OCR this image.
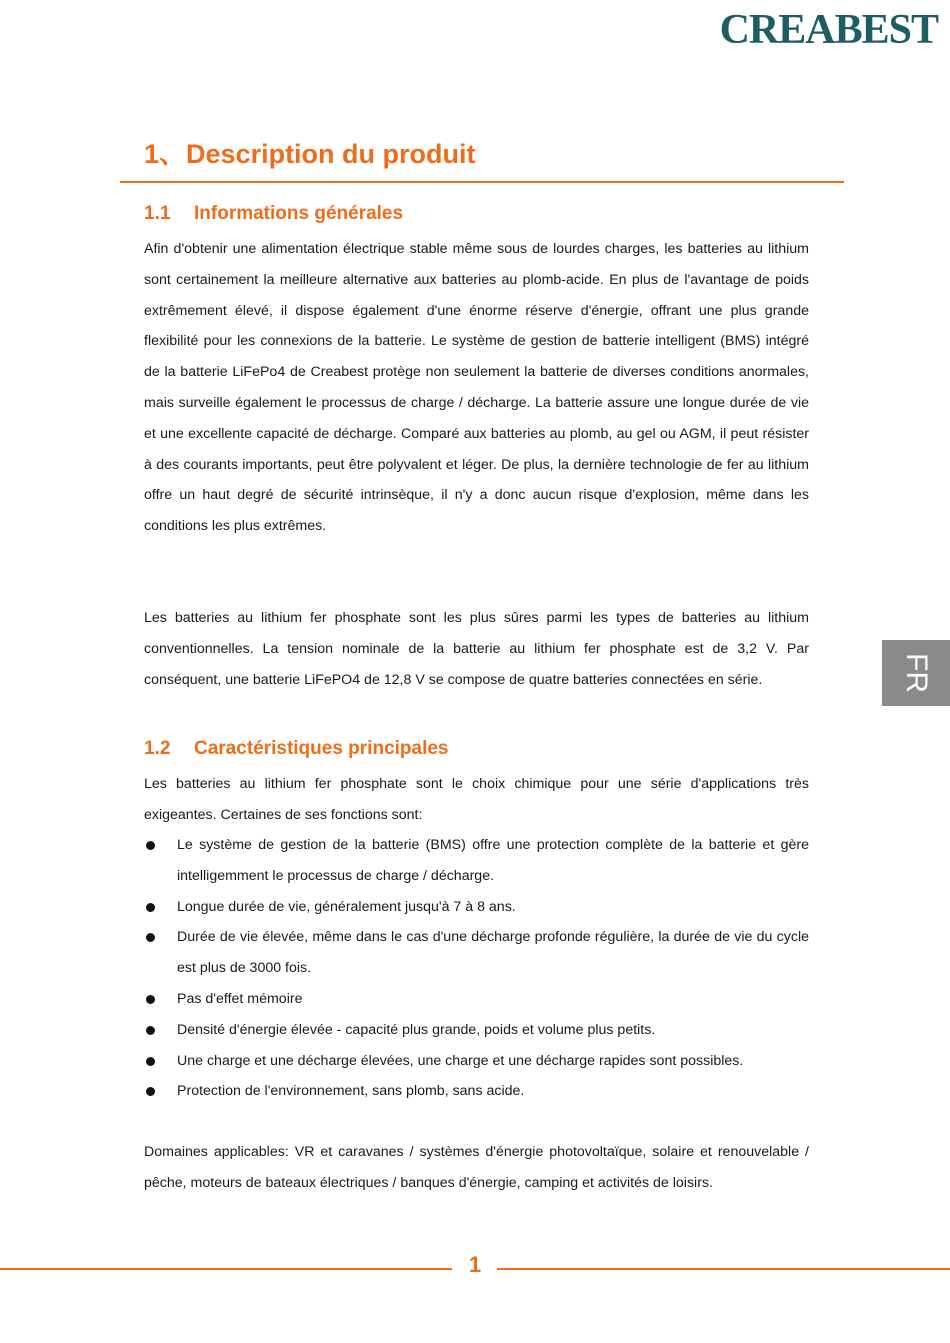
CREABEST
1、Description du produit
1.1 Informations générales

Afin d'obtenir une alimentation électrique stable même sous de lourdes charges, les batteries au lithium sont certainement la meilleure alternative aux batteries au plomb-acide. En plus de l'avantage de poids extrêmement élevé, il dispose également d'une énorme réserve d'énergie, offrant une plus grande flexibilité pour les connexions de la batterie. Le système de gestion de batterie intelligent (BMS) intégré de la batterie LiFePo4 de Creabest protège non seulement la batterie de diverses conditions anormales, mais surveille également le processus de charge / décharge. La batterie assure une longue durée de vie et une excellente capacité de décharge. Comparé aux batteries au plomb, au gel ou AGM, il peut résister à des courants importants, peut être polyvalent et léger. De plus, la dernière technologie de fer au lithium offre un haut degré de sécurité intrinsèque, il n'y a donc aucun risque d'explosion, même dans les conditions les plus extrêmes.

Les batteries au lithium fer phosphate sont les plus sûres parmi les types de batteries au lithium conventionnelles. La tension nominale de la batterie au lithium fer phosphate est de 3,2 V. Par conséquent, une batterie LiFePO4 de 12,8 V se compose de quatre batteries connectées en série.

1.2 Caractéristiques principales

Les batteries au lithium fer phosphate sont le choix chimique pour une série d'applications très exigeantes. Certaines de ses fonctions sont:

Le système de gestion de la batterie (BMS) offre une protection complète de la batterie et gère intelligemment le processus de charge / décharge.
Longue durée de vie, généralement jusqu'à 7 à 8 ans.
Durée de vie élevée, même dans le cas d'une décharge profonde régulière, la durée de vie du cycle est plus de 3000 fois.
Pas d'effet mémoire
Densité d'énergie élevée - capacité plus grande, poids et volume plus petits.
Une charge et une décharge élevées, une charge et une décharge rapides sont possibles.
Protection de l'environnement, sans plomb, sans acide.

Domaines applicables: VR et caravanes / systèmes d'énergie photovoltaïque, solaire et renouvelable / pêche, moteurs de bateaux électriques / banques d'énergie, camping et activités de loisirs.

FR
1
